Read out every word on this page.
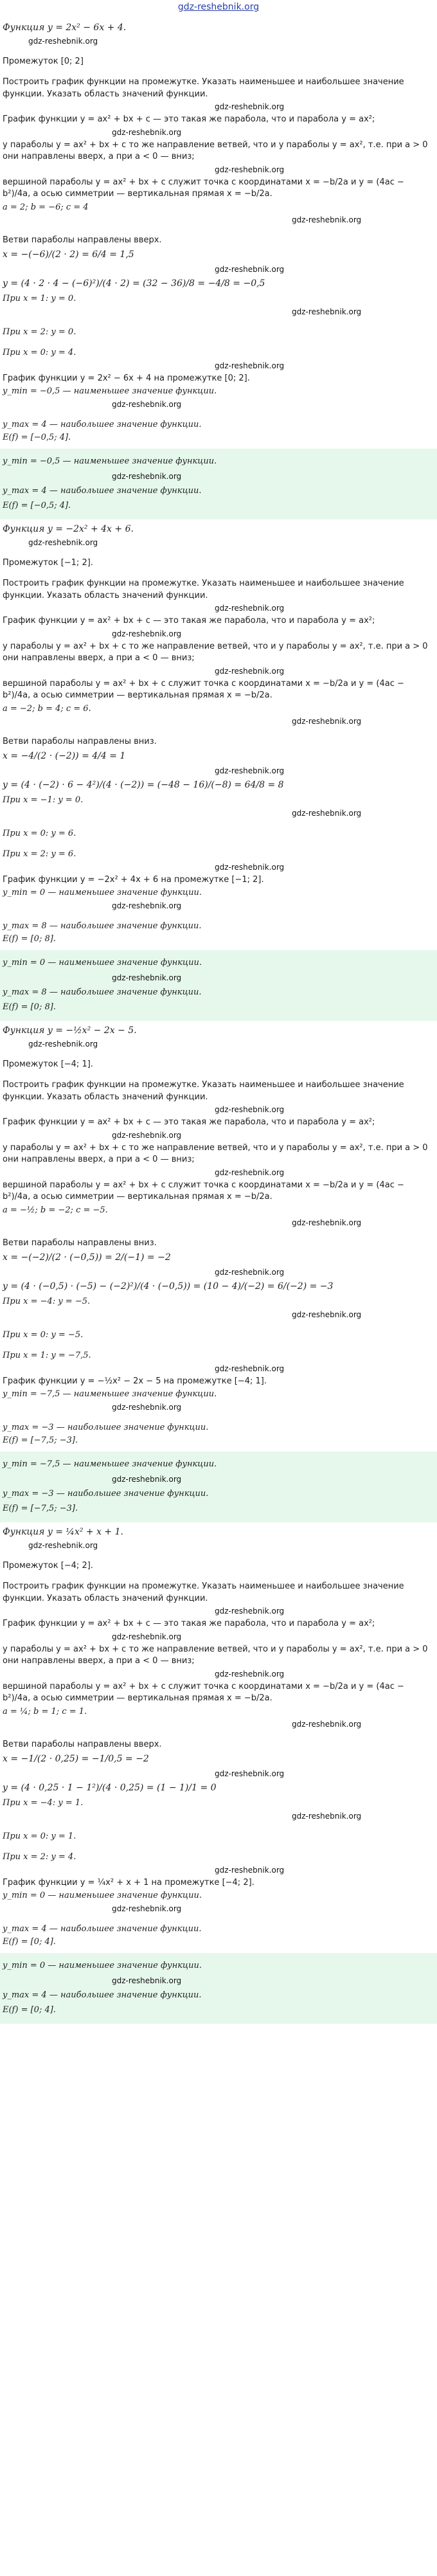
gdz-reshebnik.org
Функция y = 2x² − 6x + 4.
gdz-reshebnik.org
Промежуток [0; 2]
Построить график функции на промежутке. Указать наименьшее и наибольшее значение функции. Указать область значений функции.
gdz-reshebnik.org
График функции y = ax² + bx + c — это такая же парабола, что и парабола y = ax²;
gdz-reshebnik.org
у параболы y = ax² + bx + c то же направление ветвей, что и у параболы y = ax², т.е. при a > 0 они направлены вверх, а при a < 0 — вниз;
gdz-reshebnik.org
вершиной параболы y = ax² + bx + c служит точка с координатами x = −b/2a и y = (4ac − b²)/4a, а осью симметрии — вертикальная прямая x = −b/2a.
a = 2; b = −6; c = 4
gdz-reshebnik.org
Ветви параболы направлены вверх.
x = −(−6)/(2 · 2) = 6/4 = 1,5
gdz-reshebnik.org
y = (4 · 2 · 4 − (−6)²)/(4 · 2) = (32 − 36)/8 = −4/8 = −0,5
При x = 1: y = 0.
gdz-reshebnik.org
При x = 2: y = 0.
При x = 0: y = 4.
gdz-reshebnik.org
График функции y = 2x² − 6x + 4 на промежутке [0; 2].
y_min = −0,5 — наименьшее значение функции.
gdz-reshebnik.org
y_max = 4 — наибольшее значение функции.
E(f) = [−0,5; 4].
y_min = −0,5 — наименьшее значение функции.
gdz-reshebnik.org
y_max = 4 — наибольшее значение функции.
E(f) = [−0,5; 4].
Функция y = −2x² + 4x + 6.
gdz-reshebnik.org
Промежуток [−1; 2].
Построить график функции на промежутке. Указать наименьшее и наибольшее значение функции. Указать область значений функции.
gdz-reshebnik.org
График функции y = ax² + bx + c — это такая же парабола, что и парабола y = ax²;
gdz-reshebnik.org
у параболы y = ax² + bx + c то же направление ветвей, что и у параболы y = ax², т.е. при a > 0 они направлены вверх, а при a < 0 — вниз;
gdz-reshebnik.org
вершиной параболы y = ax² + bx + c служит точка с координатами x = −b/2a и y = (4ac − b²)/4a, а осью симметрии — вертикальная прямая x = −b/2a.
a = −2; b = 4; c = 6.
gdz-reshebnik.org
Ветви параболы направлены вниз.
x = −4/(2 · (−2)) = 4/4 = 1
gdz-reshebnik.org
y = (4 · (−2) · 6 − 4²)/(4 · (−2)) = (−48 − 16)/(−8) = 64/8 = 8
При x = −1: y = 0.
gdz-reshebnik.org
При x = 0: y = 6.
При x = 2: y = 6.
gdz-reshebnik.org
График функции y = −2x² + 4x + 6 на промежутке [−1; 2].
y_min = 0 — наименьшее значение функции.
gdz-reshebnik.org
y_max = 8 — наибольшее значение функции.
E(f) = [0; 8].
y_min = 0 — наименьшее значение функции.
gdz-reshebnik.org
y_max = 8 — наибольшее значение функции.
E(f) = [0; 8].
Функция y = −½x² − 2x − 5.
gdz-reshebnik.org
Промежуток [−4; 1].
Построить график функции на промежутке. Указать наименьшее и наибольшее значение функции. Указать область значений функции.
gdz-reshebnik.org
График функции y = ax² + bx + c — это такая же парабола, что и парабола y = ax²;
gdz-reshebnik.org
у параболы y = ax² + bx + c то же направление ветвей, что и у параболы y = ax², т.е. при a > 0 они направлены вверх, а при a < 0 — вниз;
gdz-reshebnik.org
вершиной параболы y = ax² + bx + c служит точка с координатами x = −b/2a и y = (4ac − b²)/4a, а осью симметрии — вертикальная прямая x = −b/2a.
a = −½; b = −2; c = −5.
gdz-reshebnik.org
Ветви параболы направлены вниз.
x = −(−2)/(2 · (−0,5)) = 2/(−1) = −2
gdz-reshebnik.org
y = (4 · (−0,5) · (−5) − (−2)²)/(4 · (−0,5)) = (10 − 4)/(−2) = 6/(−2) = −3
При x = −4: y = −5.
gdz-reshebnik.org
При x = 0: y = −5.
При x = 1: y = −7,5.
gdz-reshebnik.org
График функции y = −½x² − 2x − 5 на промежутке [−4; 1].
y_min = −7,5 — наименьшее значение функции.
gdz-reshebnik.org
y_max = −3 — наибольшее значение функции.
E(f) = [−7,5; −3].
y_min = −7,5 — наименьшее значение функции.
gdz-reshebnik.org
y_max = −3 — наибольшее значение функции.
E(f) = [−7,5; −3].
Функция y = ¼x² + x + 1.
gdz-reshebnik.org
Промежуток [−4; 2].
Построить график функции на промежутке. Указать наименьшее и наибольшее значение функции. Указать область значений функции.
gdz-reshebnik.org
График функции y = ax² + bx + c — это такая же парабола, что и парабола y = ax²;
gdz-reshebnik.org
у параболы y = ax² + bx + c то же направление ветвей, что и у параболы y = ax², т.е. при a > 0 они направлены вверх, а при a < 0 — вниз;
gdz-reshebnik.org
вершиной параболы y = ax² + bx + c служит точка с координатами x = −b/2a и y = (4ac − b²)/4a, а осью симметрии — вертикальная прямая x = −b/2a.
a = ¼; b = 1; c = 1.
gdz-reshebnik.org
Ветви параболы направлены вверх.
x = −1/(2 · 0,25) = −1/0,5 = −2
gdz-reshebnik.org
y = (4 · 0,25 · 1 − 1²)/(4 · 0,25) = (1 − 1)/1 = 0
При x = −4: y = 1.
gdz-reshebnik.org
При x = 0: y = 1.
При x = 2: y = 4.
gdz-reshebnik.org
График функции y = ¼x² + x + 1 на промежутке [−4; 2].
y_min = 0 — наименьшее значение функции.
gdz-reshebnik.org
y_max = 4 — наибольшее значение функции.
E(f) = [0; 4].
y_min = 0 — наименьшее значение функции.
gdz-reshebnik.org
y_max = 4 — наибольшее значение функции.
E(f) = [0; 4].
